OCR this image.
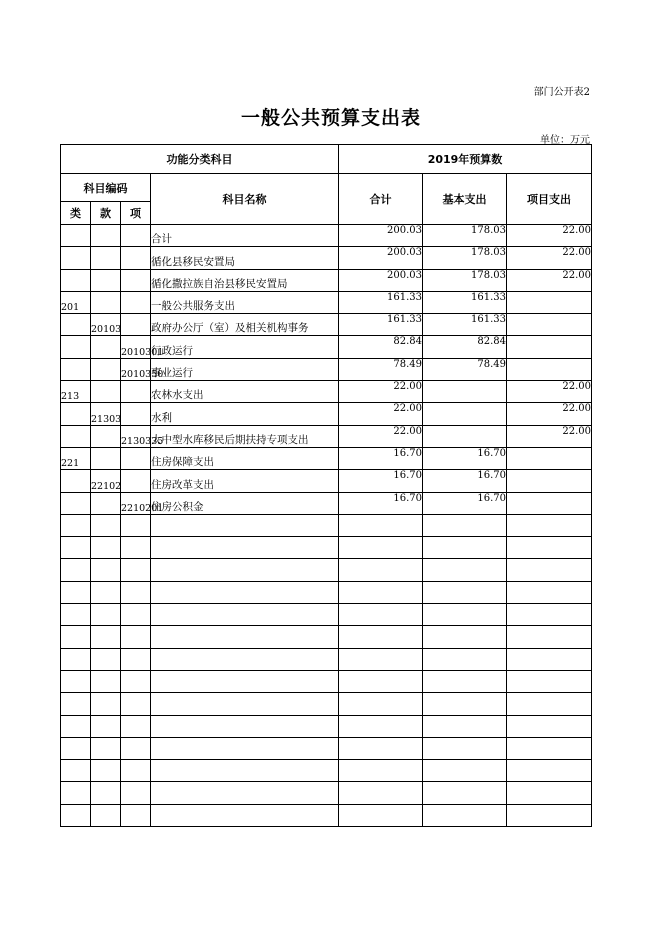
部门公开表2
一般公共预算支出表
单位：万元
功能分类科目				2019年预算数		
科目编码			科目名称	合计	基本支出	项目支出
类	款	项				
			合计	200.03	178.03	22.00
			循化县移民安置局	200.03	178.03	22.00
			循化撒拉族自治县移民安置局	200.03	178.03	22.00
201			一般公共服务支出	161.33	161.33	
	20103		政府办公厅（室）及相关机构事务	161.33	161.33	
		2010301	行政运行	82.84	82.84	
		2010350	事业运行	78.49	78.49	
213			农林水支出	22.00		22.00
	21303		水利	22.00		22.00
		2130335	大中型水库移民后期扶持专项支出	22.00		22.00
221			住房保障支出	16.70	16.70	
	22102		住房改革支出	16.70	16.70	
		2210201	住房公积金	16.70	16.70	
